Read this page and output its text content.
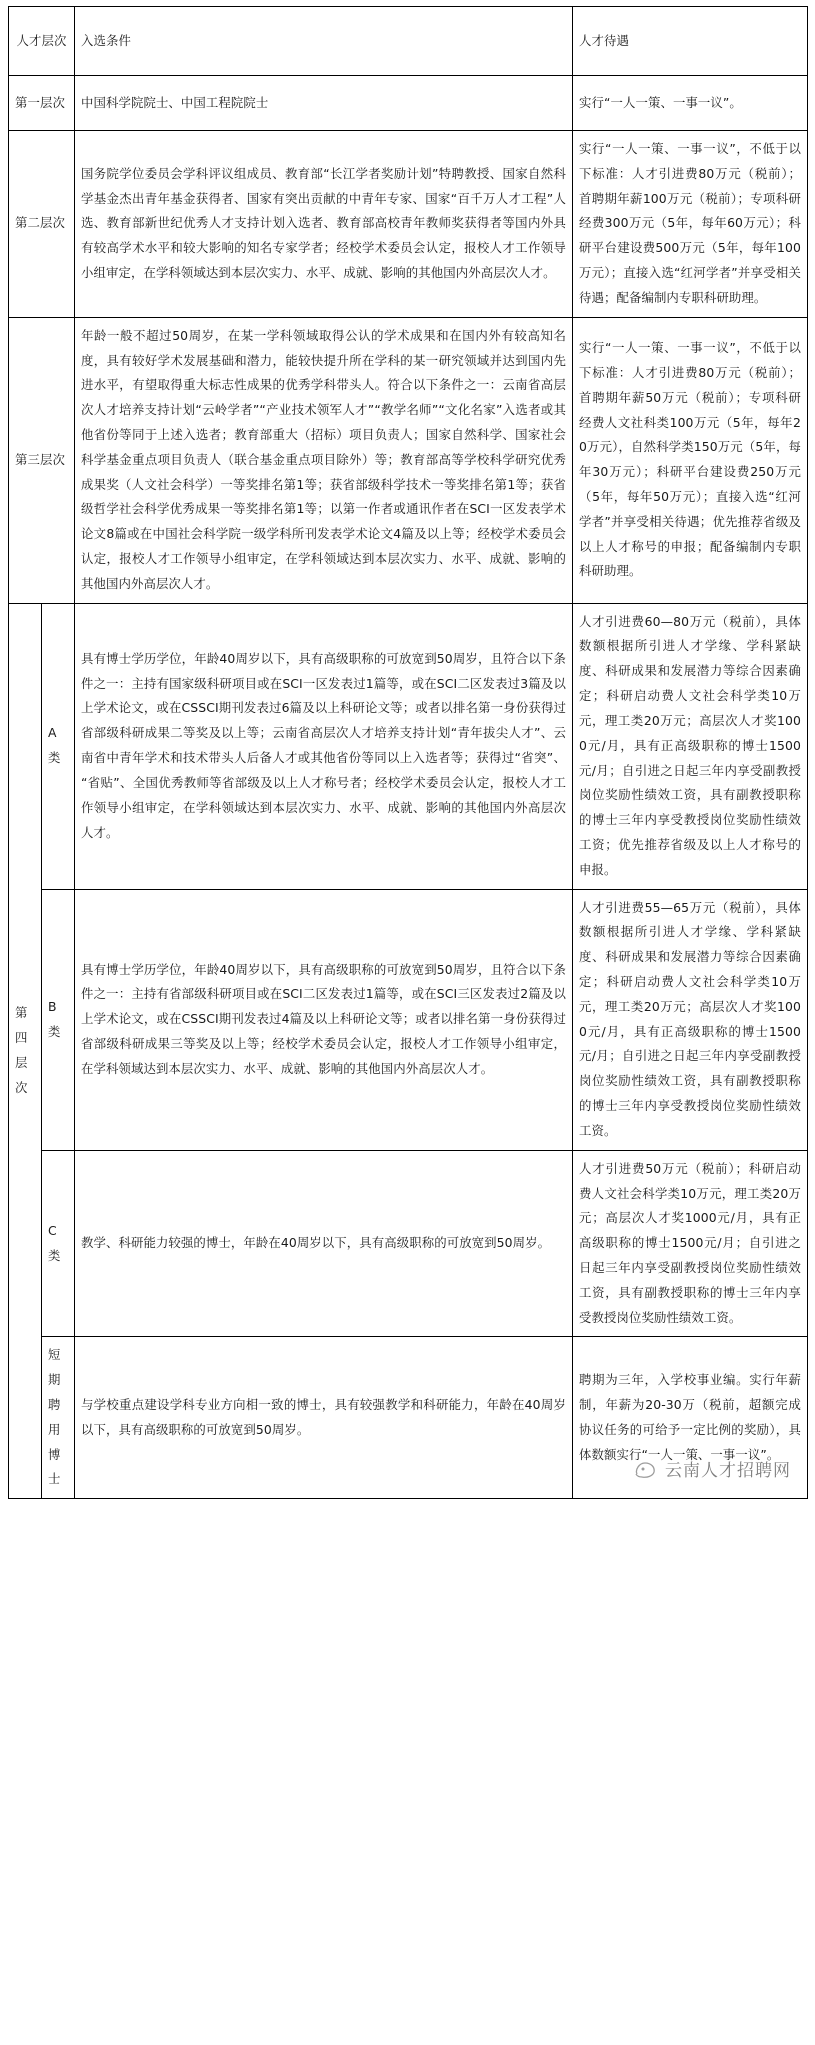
人才层次		入选条件	人才待遇
第一层次		中国科学院院士、中国工程院院士	实行“一人一策、一事一议”。
第二层次		国务院学位委员会学科评议组成员、教育部“长江学者奖励计划”特聘教授、国家自然科学基金杰出青年基金获得者、国家有突出贡献的中青年专家、国家“百千万人才工程”人选、教育部新世纪优秀人才支持计划入选者、教育部高校青年教师奖获得者等国内外具有较高学术水平和较大影响的知名专家学者；经校学术委员会认定，报校人才工作领导小组审定，在学科领域达到本层次实力、水平、成就、影响的其他国内外高层次人才。	实行“一人一策、一事一议”，不低于以下标准：人才引进费80万元（税前）；首聘期年薪100万元（税前）；专项科研经费300万元（5年，每年60万元）；科研平台建设费500万元（5年，每年100万元）；直接入选“红河学者”并享受相关待遇；配备编制内专职科研助理。
第三层次		年龄一般不超过50周岁，在某一学科领域取得公认的学术成果和在国内外有较高知名度，具有较好学术发展基础和潜力，能较快提升所在学科的某一研究领域并达到国内先进水平，有望取得重大标志性成果的优秀学科带头人。符合以下条件之一：云南省高层次人才培养支持计划“云岭学者”“产业技术领军人才”“教学名师”“文化名家”入选者或其他省份等同于上述入选者；教育部重大（招标）项目负责人；国家自然科学、国家社会科学基金重点项目负责人（联合基金重点项目除外）等；教育部高等学校科学研究优秀成果奖（人文社会科学）一等奖排名第1等；获省部级科学技术一等奖排名第1等；获省级哲学社会科学优秀成果一等奖排名第1等；以第一作者或通讯作者在SCI一区发表学术论文8篇或在中国社会科学院一级学科所刊发表学术论文4篇及以上等；经校学术委员会认定，报校人才工作领导小组审定，在学科领域达到本层次实力、水平、成就、影响的其他国内外高层次人才。	实行“一人一策、一事一议”，不低于以下标准：人才引进费80万元（税前）；首聘期年薪50万元（税前）；专项科研经费人文社科类100万元（5年，每年20万元），自然科学类150万元（5年，每年30万元）；科研平台建设费250万元（5年，每年50万元）；直接入选“红河学者”并享受相关待遇；优先推荐省级及以上人才称号的申报；配备编制内专职科研助理。
第四层次	A类	具有博士学历学位，年龄40周岁以下，具有高级职称的可放宽到50周岁，且符合以下条件之一：主持有国家级科研项目或在SCI一区发表过1篇等，或在SCI二区发表过3篇及以上学术论文，或在CSSCI期刊发表过6篇及以上科研论文等；或者以排名第一身份获得过省部级科研成果二等奖及以上等；云南省高层次人才培养支持计划“青年拔尖人才”、云南省中青年学术和技术带头人后备人才或其他省份等同以上入选者等；获得过“省突”、“省贴”、全国优秀教师等省部级及以上人才称号者；经校学术委员会认定，报校人才工作领导小组审定，在学科领域达到本层次实力、水平、成就、影响的其他国内外高层次人才。	人才引进费60—80万元（税前），具体数额根据所引进人才学缘、学科紧缺度、科研成果和发展潜力等综合因素确定；科研启动费人文社会科学类10万元，理工类20万元；高层次人才奖1000元/月，具有正高级职称的博士1500元/月；自引进之日起三年内享受副教授岗位奖励性绩效工资，具有副教授职称的博士三年内享受教授岗位奖励性绩效工资；优先推荐省级及以上人才称号的申报。
	B类	具有博士学历学位，年龄40周岁以下，具有高级职称的可放宽到50周岁，且符合以下条件之一：主持有省部级科研项目或在SCI二区发表过1篇等，或在SCI三区发表过2篇及以上学术论文，或在CSSCI期刊发表过4篇及以上科研论文等；或者以排名第一身份获得过省部级科研成果三等奖及以上等；经校学术委员会认定，报校人才工作领导小组审定，在学科领域达到本层次实力、水平、成就、影响的其他国内外高层次人才。	人才引进费55—65万元（税前），具体数额根据所引进人才学缘、学科紧缺度、科研成果和发展潜力等综合因素确定；科研启动费人文社会科学类10万元，理工类20万元；高层次人才奖1000元/月，具有正高级职称的博士1500元/月；自引进之日起三年内享受副教授岗位奖励性绩效工资，具有副教授职称的博士三年内享受教授岗位奖励性绩效工资。
	C类	教学、科研能力较强的博士，年龄在40周岁以下，具有高级职称的可放宽到50周岁。	人才引进费50万元（税前）；科研启动费人文社会科学类10万元，理工类20万元；高层次人才奖1000元/月，具有正高级职称的博士1500元/月；自引进之日起三年内享受副教授岗位奖励性绩效工资，具有副教授职称的博士三年内享受教授岗位奖励性绩效工资。
	短期聘用博士	与学校重点建设学科专业方向相一致的博士，具有较强教学和科研能力，年龄在40周岁以下，具有高级职称的可放宽到50周岁。	聘期为三年，入学校事业编。实行年薪制，年薪为20-30万（税前，超额完成协议任务的可给予一定比例的奖励），具体数额实行“一人一策、一事一议”。
云南人才招聘网
